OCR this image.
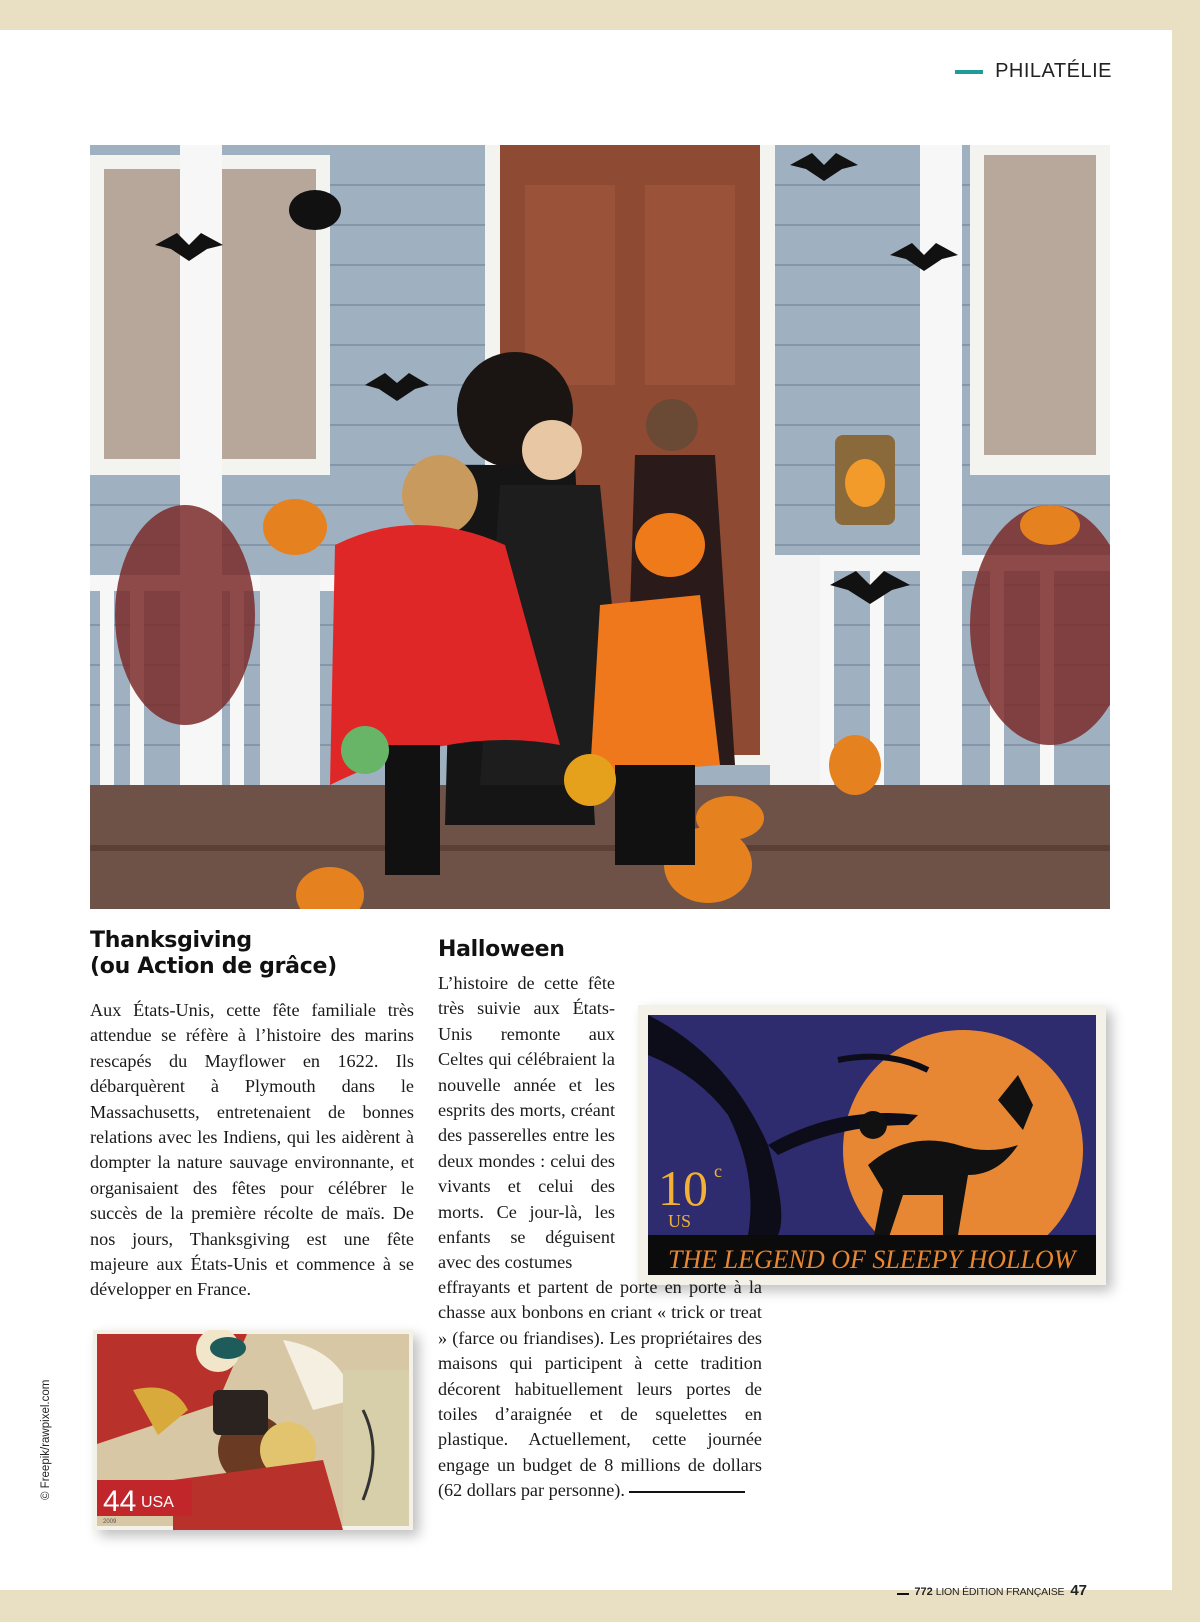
PHILATÉLIE
Thanksgiving
(ou Action de grâce)

Aux États-Unis, cette fête familiale très attendue se réfère à l’histoire des marins rescapés du Mayflower en 1622. Ils débarquèrent à Plymouth dans le Massachusetts, entretenaient de bonnes relations avec les Indiens, qui les aidèrent à dompter la nature sauvage environnante, et organisaient des fêtes pour célébrer le succès de la première récolte de maïs. De nos jours, Thanksgiving est une fête majeure aux États-Unis et commence à se développer en France.

44 USA
2009
Halloween

L’histoire de cette fête très suivie aux États-Unis remonte aux Celtes qui célébraient la nouvelle année et les esprits des morts, créant des passerelles entre les deux mondes : celui des vivants et celui des morts. Ce jour-là, les enfants se déguisent avec des costumes	THE LEGEND OF SLEEPY HOLLOW
10 c
US

effrayants et partent de porte en porte à la chasse aux bonbons en criant « trick or treat » (farce ou friandises). Les propriétaires des maisons qui participent à cette tradition décorent habituellement leurs portes de toiles d’araignée et de squelettes en plastique. Actuellement, cette journée engage un budget de 8 millions de dollars (62 dollars par personne).

772 LION ÉDITION FRANÇAISE 47
© Freepik/rawpixel.com
